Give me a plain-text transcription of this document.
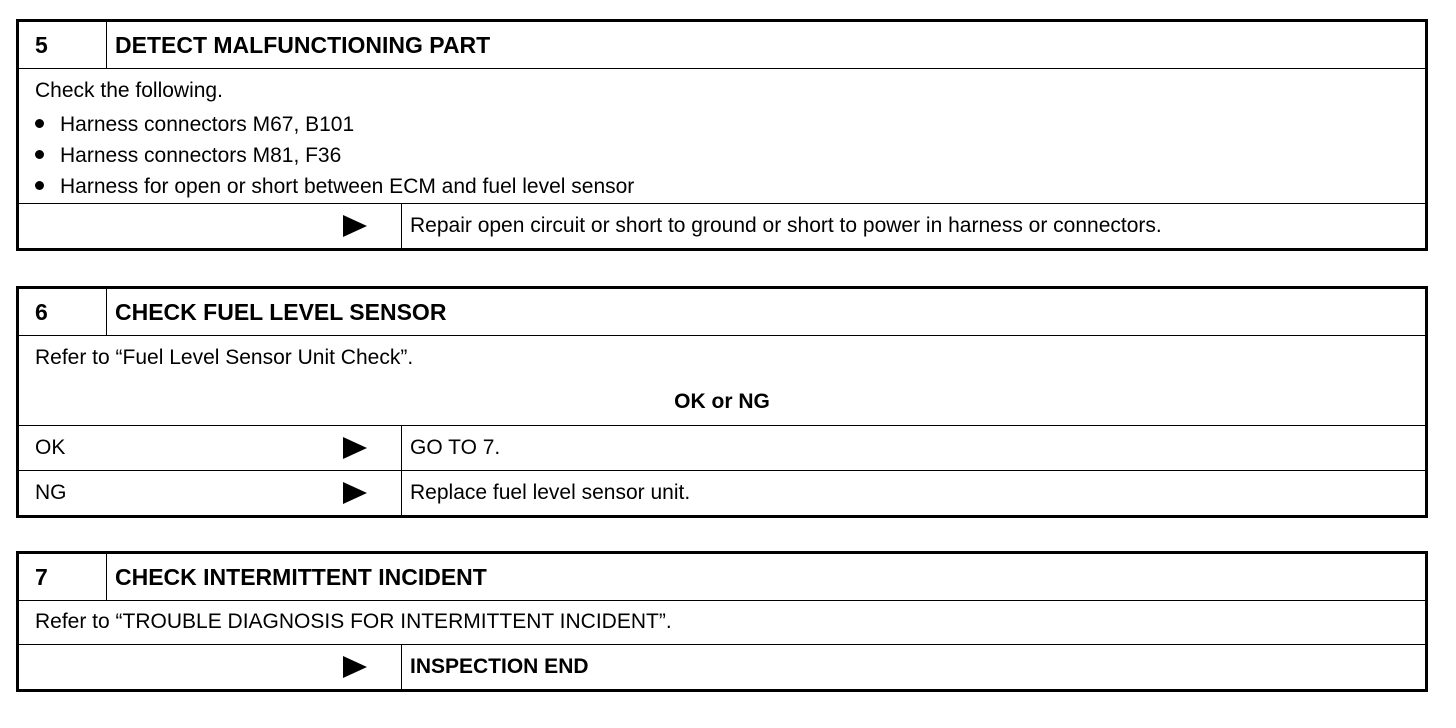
5	DETECT MALFUNCTIONING PART
Check the following.
Harness connectors M67, B101
Harness connectors M81, F36
Harness for open or short between ECM and fuel level sensor
Repair open circuit or short to ground or short to power in harness or connectors.
6	CHECK FUEL LEVEL SENSOR
Refer to “Fuel Level Sensor Unit Check”.
OK or NG
OK	GO TO 7.
NG	Replace fuel level sensor unit.
7	CHECK INTERMITTENT INCIDENT
Refer to “TROUBLE DIAGNOSIS FOR INTERMITTENT INCIDENT”.
INSPECTION END
